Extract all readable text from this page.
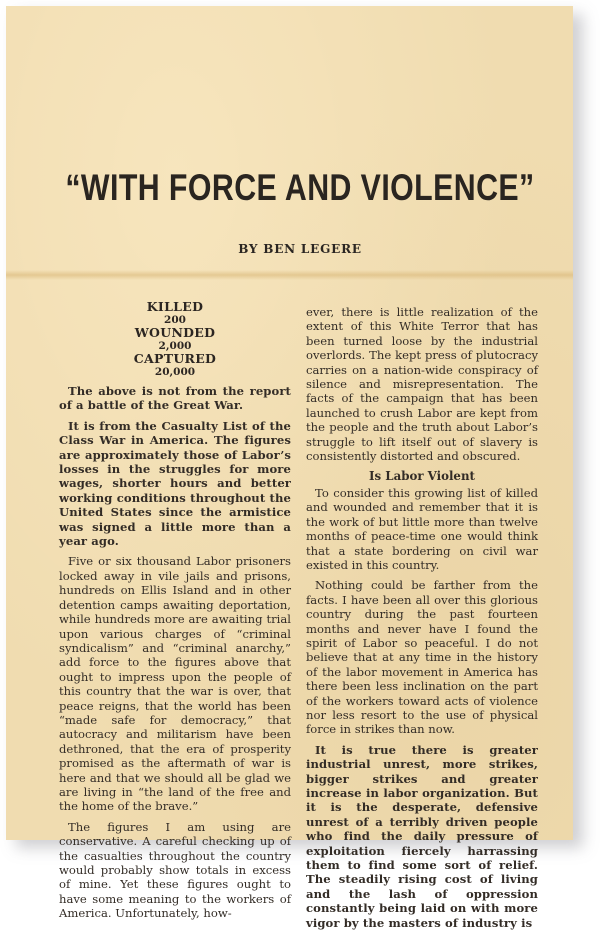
“WITH FORCE AND VIOLENCE”
BY BEN LEGERE
KILLED
200
WOUNDED
2,000
CAPTURED
20,000

The above is not from the report of a battle of the Great War.

It is from the Casualty List of the Class War in America. The figures are approximately those of Labor’s losses in the struggles for more wages, shorter hours and better working conditions throughout the United States since the armistice was signed a little more than a year ago.

Five or six thousand Labor prisoners locked away in vile jails and prisons, hundreds on Ellis Island and in other detention camps awaiting deportation, while hundreds more are awaiting trial upon various charges of “criminal syndicalism” and “criminal anarchy,” add force to the figures above that ought to impress upon the people of this country that the war is over, that peace reigns, that the world has been “made safe for democracy,” that autocracy and militarism have been dethroned, that the era of prosperity promised as the aftermath of war is here and that we should all be glad we are living in “the land of the free and the home of the brave.”

The figures I am using are conservative. A careful checking up of the casualties throughout the country would probably show totals in excess of mine. Yet these figures ought to have some meaning to the workers of America. Unfortunately, how-

ever, there is little realization of the extent of this White Terror that has been turned loose by the industrial overlords. The kept press of plutocracy carries on a nation-wide conspiracy of silence and misrepresentation. The facts of the campaign that has been launched to crush Labor are kept from the people and the truth about Labor’s struggle to lift itself out of slavery is consistently distorted and obscured.

Is Labor Violent

To consider this growing list of killed and wounded and remember that it is the work of but little more than twelve months of peace-time one would think that a state bordering on civil war existed in this country.

Nothing could be farther from the facts. I have been all over this glorious country during the past fourteen months and never have I found the spirit of Labor so peaceful. I do not believe that at any time in the history of the labor movement in America has there been less inclination on the part of the workers toward acts of violence nor less resort to the use of physical force in strikes than now.

It is true there is greater industrial unrest, more strikes, bigger strikes and greater increase in labor organization. But it is the desperate, defensive unrest of a terribly driven people who find the daily pressure of exploitation fiercely harrassing them to find some sort of relief. The steadily rising cost of living and the lash of oppression constantly being laid on with more vigor by the masters of industry is
